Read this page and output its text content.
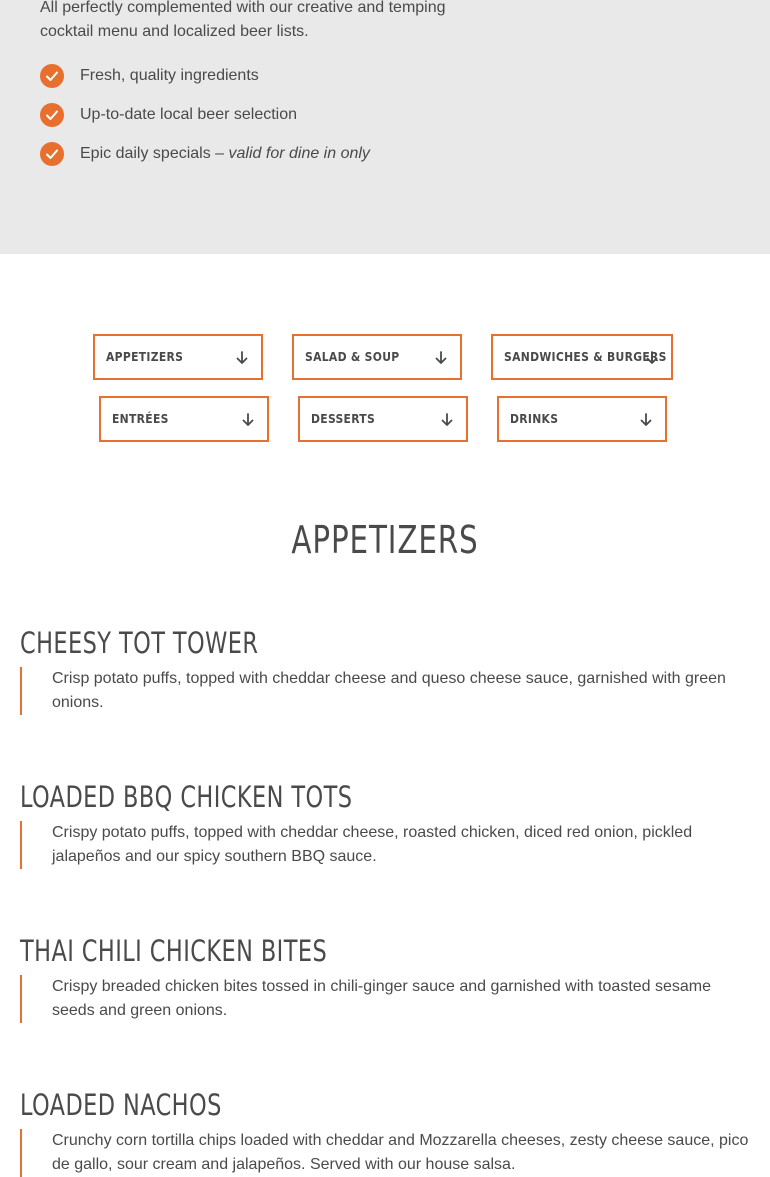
All perfectly complemented with our creative and temping cocktail menu and localized beer lists.

Fresh, quality ingredients
Up-to-date local beer selection
Epic daily specials – valid for dine in only
APPETIZERS	SALAD & SOUP	SANDWICHES & BURGERS
ENTRÉES	DESSERTS	DRINKS
APPETIZERS
CHEESY TOT TOWER

Crisp potato puffs, topped with cheddar cheese and queso cheese sauce, garnished with green onions.

LOADED BBQ CHICKEN TOTS

Crispy potato puffs, topped with cheddar cheese, roasted chicken, diced red onion, pickled jalapeños and our spicy southern BBQ sauce.

THAI CHILI CHICKEN BITES

Crispy breaded chicken bites tossed in chili-ginger sauce and garnished with toasted sesame seeds and green onions.

LOADED NACHOS

Crunchy corn tortilla chips loaded with cheddar and Mozzarella cheeses, zesty cheese sauce, pico de gallo, sour cream and jalapeños. Served with our house salsa.
